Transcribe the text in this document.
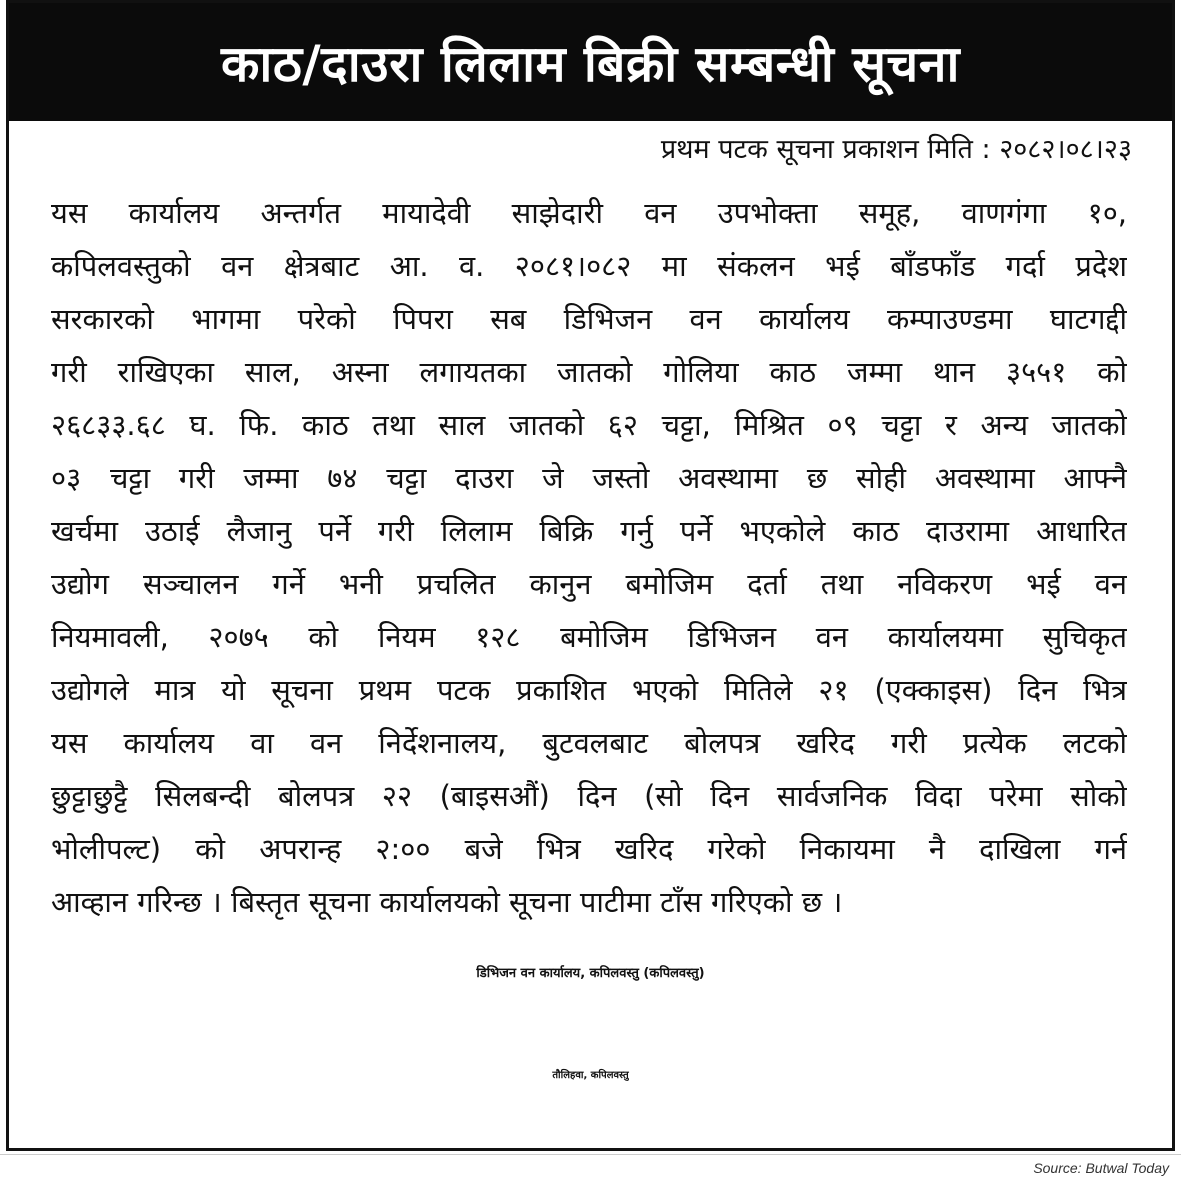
काठ/दाउरा लिलाम बिक्री सम्बन्धी सूचना
प्रथम पटक सूचना प्रकाशन मिति : २०८२।०८।२३
यस कार्यालय अन्तर्गत मायादेवी साझेदारी वन उपभोक्ता समूह, वाणगंगा १०,
कपिलवस्तुको वन क्षेत्रबाट आ. व. २०८१।०८२ मा संकलन भई बाँडफाँड गर्दा प्रदेश
सरकारको भागमा परेको पिपरा सब डिभिजन वन कार्यालय कम्पाउण्डमा घाटगद्दी
गरी राखिएका साल, अस्ना लगायतका जातको गोलिया काठ जम्मा थान ३५५१ को
२६८३३.६८ घ. फि. काठ तथा साल जातको ६२ चट्टा, मिश्रित ०९ चट्टा र अन्य जातको
०३ चट्टा गरी जम्मा ७४ चट्टा दाउरा जे जस्तो अवस्थामा छ सोही अवस्थामा आफ्नै
खर्चमा उठाई लैजानु पर्ने गरी लिलाम बिक्रि गर्नु पर्ने भएकोले काठ दाउरामा आधारित
उद्योग सञ्चालन गर्ने भनी प्रचलित कानुन बमोजिम दर्ता तथा नविकरण भई वन
नियमावली, २०७५ को नियम १२८ बमोजिम डिभिजन वन कार्यालयमा सुचिकृत
उद्योगले मात्र यो सूचना प्रथम पटक प्रकाशित भएको मितिले २१ (एक्काइस) दिन भित्र
यस कार्यालय वा वन निर्देशनालय, बुटवलबाट बोलपत्र खरिद गरी प्रत्येक लटको
छुट्टाछुट्टै सिलबन्दी बोलपत्र २२ (बाइसऔं) दिन (सो दिन सार्वजनिक विदा परेमा सोको
भोलीपल्ट) को अपरान्ह २:०० बजे भित्र खरिद गरेको निकायमा नै दाखिला गर्न
आव्हान गरिन्छ । बिस्तृत सूचना कार्यालयको सूचना पाटीमा टाँस गरिएको छ ।
डिभिजन वन कार्यालय, कपिलवस्तु (कपिलवस्तु)
तौलिहवा, कपिलवस्तु
Source: Butwal Today
